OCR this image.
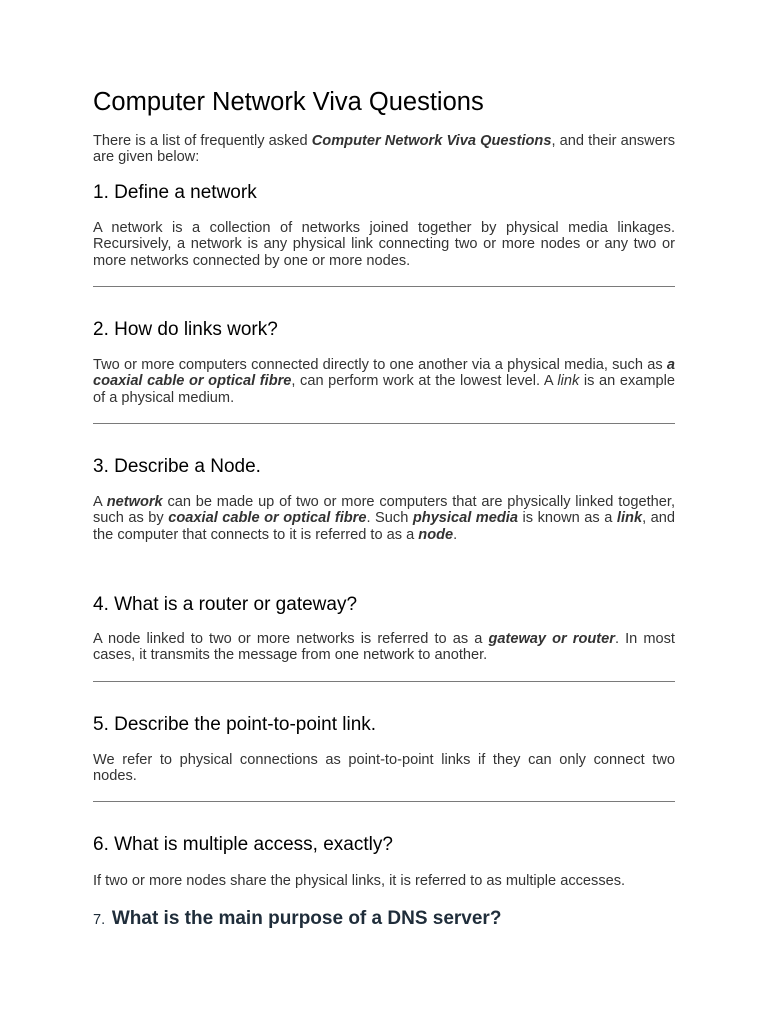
Computer Network Viva Questions

There is a list of frequently asked Computer Network Viva Questions, and their answers are given below:

1. Define a network

A network is a collection of networks joined together by physical media linkages. Recursively, a network is any physical link connecting two or more nodes or any two or more networks connected by one or more nodes.

2. How do links work?

Two or more computers connected directly to one another via a physical media, such as a coaxial cable or optical fibre, can perform work at the lowest level. A link is an example of a physical medium.

3. Describe a Node.

A network can be made up of two or more computers that are physically linked together, such as by coaxial cable or optical fibre. Such physical media is known as a link, and the computer that connects to it is referred to as a node.

4. What is a router or gateway?

A node linked to two or more networks is referred to as a gateway or router. In most cases, it transmits the message from one network to another.

5. Describe the point-to-point link.

We refer to physical connections as point-to-point links if they can only connect two nodes.

6. What is multiple access, exactly?

If two or more nodes share the physical links, it is referred to as multiple accesses.

7. What is the main purpose of a DNS server?
